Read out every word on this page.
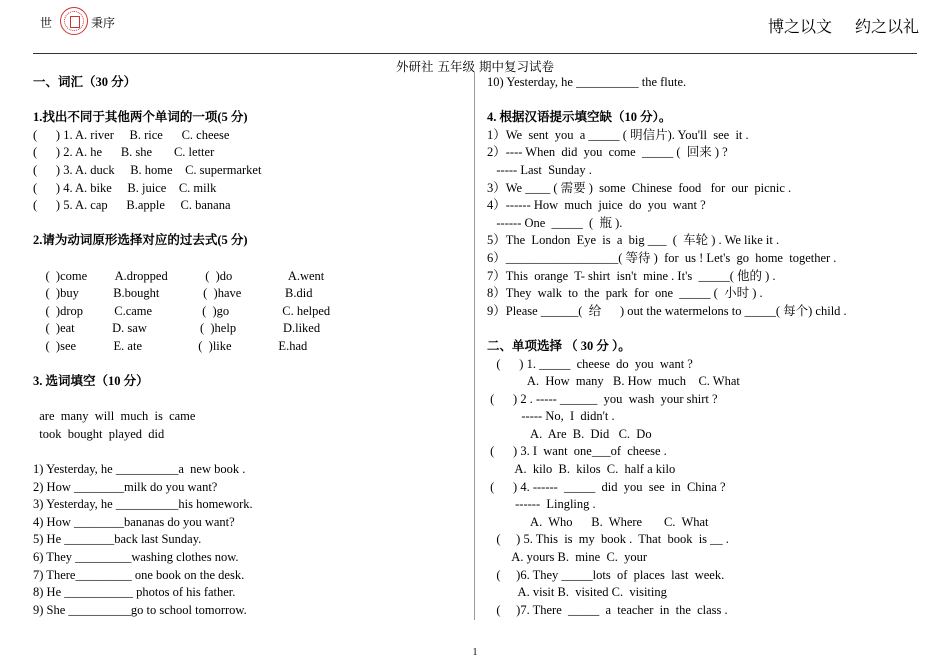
世	秉序	博之以文 约之以礼
外研社 五年级 期中复习试卷
一、词汇（30 分）
1.找出不同于其他两个单词的一项(5 分)
(      ) 1. A. river     B. rice      C. cheese
(      ) 2. A. he      B. she       C. letter
(      ) 3. A. duck     B. home    C. supermarket
(      ) 4. A. bike     B. juice    C. milk
(      ) 5. A. cap      B.apple     C. banana
2.请为动词原形选择对应的过去式(5 分)
(  )come         A.dropped            (  )do                  A.went
(  )buy           B.bought              (  )have              B.did
(  )drop          C.came                (  )go                 C. helped
(  )eat            D. saw                 (  )help               D.liked
(  )see            E. ate                  (  )like               E.had
3. 选词填空（10 分）
are  many  will  much  is  came
took  bought  played  did
1) Yesterday, he __________a  new book .
2) How ________milk do you want?
3) Yesterday, he __________his homework.
4) How ________bananas do you want?
5) He ________back last Sunday.
6) They _________washing clothes now.
7) There_________ one book on the desk.
8) He ___________ photos of his father.
9) She __________go to school tomorrow.
10) Yesterday, he __________ the flute.
4. 根据汉语提示填空缺（10 分）。
1）We  sent  you  a _____ ( 明信片). You'll  see  it .
2）---- When  did  you  come  _____ (  回来 ) ?
----- Last  Sunday .
3）We ____ ( 需要 )  some  Chinese  food   for  our  picnic .
4）------ How  much  juice  do  you  want ?
------ One  _____  (  瓶 ).
5）The  London  Eye  is  a  big ___  (  车轮 ) . We like it .
6）__________________( 等待 )  for  us ! Let's  go  home  together .
7）This  orange  T- shirt  isn't  mine . It's  _____( 他的 ) .
8）They  walk  to  the  park  for  one  _____ (  小时 ) .
9）Please ______(  给      ) out the watermelons to _____( 每个) child .
二、单项选择 （ 30 分 ）。
(      ) 1. _____  cheese  do  you  want ?
A.  How  many   B. How  much    C. What
(      ) 2 . ----- ______  you  wash  your shirt ?
----- No,  I  didn't .
A.  Are  B.  Did   C.  Do
(      ) 3. I  want  one___of  cheese .
A.  kilo  B.  kilos  C.  half a kilo
(      ) 4. ------  _____  did  you  see  in  China ?
------  Lingling .
A.  Who      B.  Where       C.  What
(     ) 5. This  is  my  book .  That  book  is __ .
A. yours B.  mine  C.  your
(     )6. They _____lots  of  places  last  week.
A. visit B.  visited C.  visiting
(     )7. There  _____  a  teacher  in  the  class .
1
